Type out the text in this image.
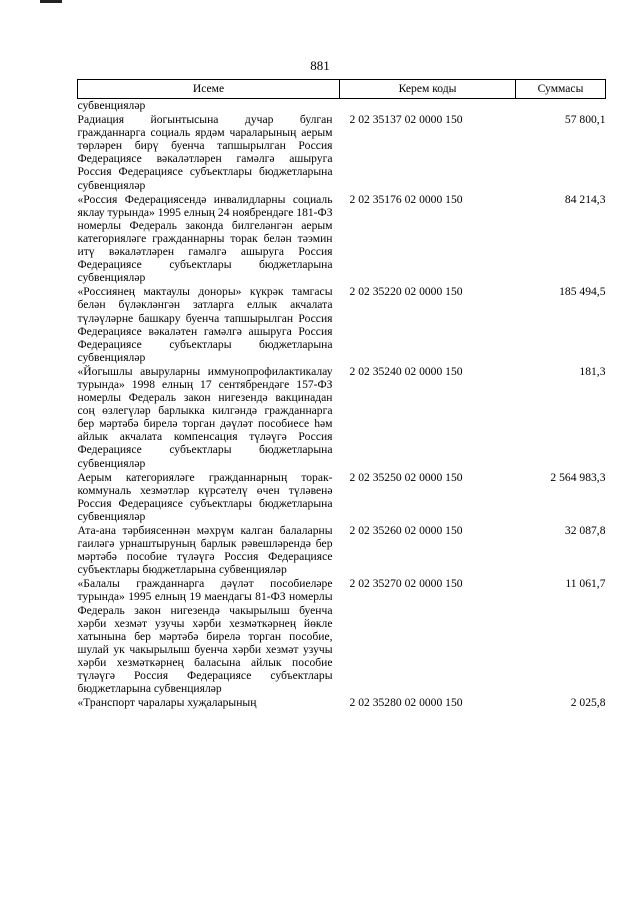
881
Исеме	Керем коды	Суммасы
субвенцияләр		
Радиация йогынтысына дучар булган гражданнарга социаль ярдәм чараларының аерым төрләрен бирү буенча тапшырылган Россия Федерациясе вәкаләтләрен гамәлгә ашыруга Россия Федерациясе субъектлары бюджетларына субвенцияләр	2 02 35137 02 0000 150	57 800,1
«Россия Федерациясендә инвалидларны социаль яклау турында» 1995 елның 24 ноябрендәге 181-ФЗ номерлы Федераль законда билгеләнгән аерым категорияләге гражданнарны торак белән тәэмин итү вәкаләтләрен гамәлгә ашыруга Россия Федерациясе субъектлары бюджетларына субвенцияләр	2 02 35176 02 0000 150	84 214,3
«Россиянең мактаулы доноры» күкрәк тамгасы белән бүләкләнгән затларга еллык акчалата түләүләрне башкару буенча тапшырылган Россия Федерациясе вәкаләтен гамәлгә ашыруга Россия Федерациясе субъектлары бюджетларына субвенцияләр	2 02 35220 02 0000 150	185 494,5
«Йогышлы авыруларны иммунопрофилактикалау турында» 1998 елның 17 сентябрендәге 157-ФЗ номерлы Федераль закон нигезендә вакцинадан соң өзлегүләр барлыкка килгәндә гражданнарга бер мәртәбә бирелә торган дәүләт пособиесе һәм айлык акчалата компенсация түләүгә Россия Федерациясе субъектлары бюджетларына субвенцияләр	2 02 35240 02 0000 150	181,3
Аерым категорияләге гражданнарның торак-коммуналь хезмәтләр күрсәтелү өчен түләвенә Россия Федерациясе субъектлары бюджетларына субвенцияләр	2 02 35250 02 0000 150	2 564 983,3
Ата-ана тәрбиясеннән мәхрүм калган балаларны гаиләгә урнаштыруның барлык рәвешләрендә бер мәртәбә пособие түләүгә Россия Федерациясе субъектлары бюджетларына субвенцияләр	2 02 35260 02 0000 150	32 087,8
«Балалы гражданнарга дәүләт пособиеләре турында» 1995 елның 19 маендагы 81-ФЗ номерлы Федераль закон нигезендә чакырылыш буенча хәрби хезмәт узучы хәрби хезмәткәрнең йөкле хатынына бер мәртәбә бирелә торган пособие, шулай ук чакырылыш буенча хәрби хезмәт узучы хәрби хезмәткәрнең баласына айлык пособие түләүгә Россия Федерациясе субъектлары бюджетларына субвенцияләр	2 02 35270 02 0000 150	11 061,7
«Транспорт чаралары хуҗаларының	2 02 35280 02 0000 150	2 025,8
